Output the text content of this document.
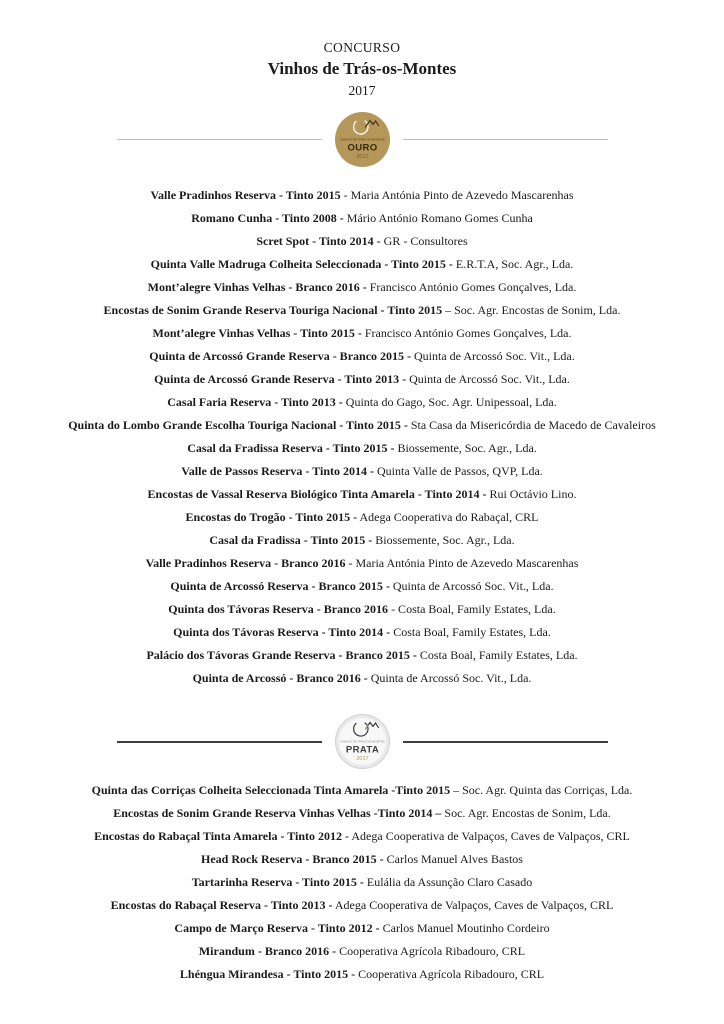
CONCURSO
Vinhos de Trás-os-Montes
2017
VINHOS DE TRÁS-OS-MONTES
OURO
2017
Valle Pradinhos Reserva - Tinto 2015 - Maria Antónia Pinto de Azevedo Mascarenhas
Romano Cunha - Tinto 2008 - Mário António Romano Gomes Cunha
Scret Spot - Tinto 2014 - GR - Consultores
Quinta Valle Madruga Colheita Seleccionada - Tinto 2015 - E.R.T.A, Soc. Agr., Lda.
Mont’alegre Vinhas Velhas - Branco 2016 - Francisco António Gomes Gonçalves, Lda.
Encostas de Sonim Grande Reserva Touriga Nacional - Tinto 2015 – Soc. Agr. Encostas de Sonim, Lda.
Mont’alegre Vinhas Velhas - Tinto 2015 - Francisco António Gomes Gonçalves, Lda.
Quinta de Arcossó Grande Reserva - Branco 2015 - Quinta de Arcossó Soc. Vit., Lda.
Quinta de Arcossó Grande Reserva - Tinto 2013 - Quinta de Arcossó Soc. Vit., Lda.
Casal Faria Reserva - Tinto 2013 - Quinta do Gago, Soc. Agr. Unipessoal, Lda.
Quinta do Lombo Grande Escolha Touriga Nacional - Tinto 2015 - Sta Casa da Misericórdia de Macedo de Cavaleiros
Casal da Fradissa Reserva - Tinto 2015 - Biossemente, Soc. Agr., Lda.
Valle de Passos Reserva - Tinto 2014 - Quinta Valle de Passos, QVP, Lda.
Encostas de Vassal Reserva Biológico Tinta Amarela - Tinto 2014 - Rui Octávio Lino.
Encostas do Trogão - Tinto 2015 - Adega Cooperativa do Rabaçal, CRL
Casal da Fradissa - Tinto 2015 - Biossemente, Soc. Agr., Lda.
Valle Pradinhos Reserva - Branco 2016 - Maria Antónia Pinto de Azevedo Mascarenhas
Quinta de Arcossó Reserva - Branco 2015 - Quinta de Arcossó Soc. Vit., Lda.
Quinta dos Távoras Reserva - Branco 2016 - Costa Boal, Family Estates, Lda.
Quinta dos Távoras Reserva - Tinto 2014 - Costa Boal, Family Estates, Lda.
Palácio dos Távoras Grande Reserva - Branco 2015 - Costa Boal, Family Estates, Lda.
Quinta de Arcossó - Branco 2016 - Quinta de Arcossó Soc. Vit., Lda.
VINHOS DE TRÁS-OS-MONTES
PRATA
2017
Quinta das Corriças Colheita Seleccionada Tinta Amarela -Tinto 2015 – Soc. Agr. Quinta das Corriças, Lda.
Encostas de Sonim Grande Reserva Vinhas Velhas -Tinto 2014 – Soc. Agr. Encostas de Sonim, Lda.
Encostas do Rabaçal Tinta Amarela - Tinto 2012 - Adega Cooperativa de Valpaços, Caves de Valpaços, CRL
Head Rock Reserva - Branco 2015 - Carlos Manuel Alves Bastos
Tartarinha Reserva - Tinto 2015 - Eulália da Assunção Claro Casado
Encostas do Rabaçal Reserva - Tinto 2013 - Adega Cooperativa de Valpaços, Caves de Valpaços, CRL
Campo de Março Reserva - Tinto 2012 - Carlos Manuel Moutinho Cordeiro
Mirandum - Branco 2016 - Cooperativa Agrícola Ribadouro, CRL
Lhéngua Mirandesa - Tinto 2015 - Cooperativa Agrícola Ribadouro, CRL
